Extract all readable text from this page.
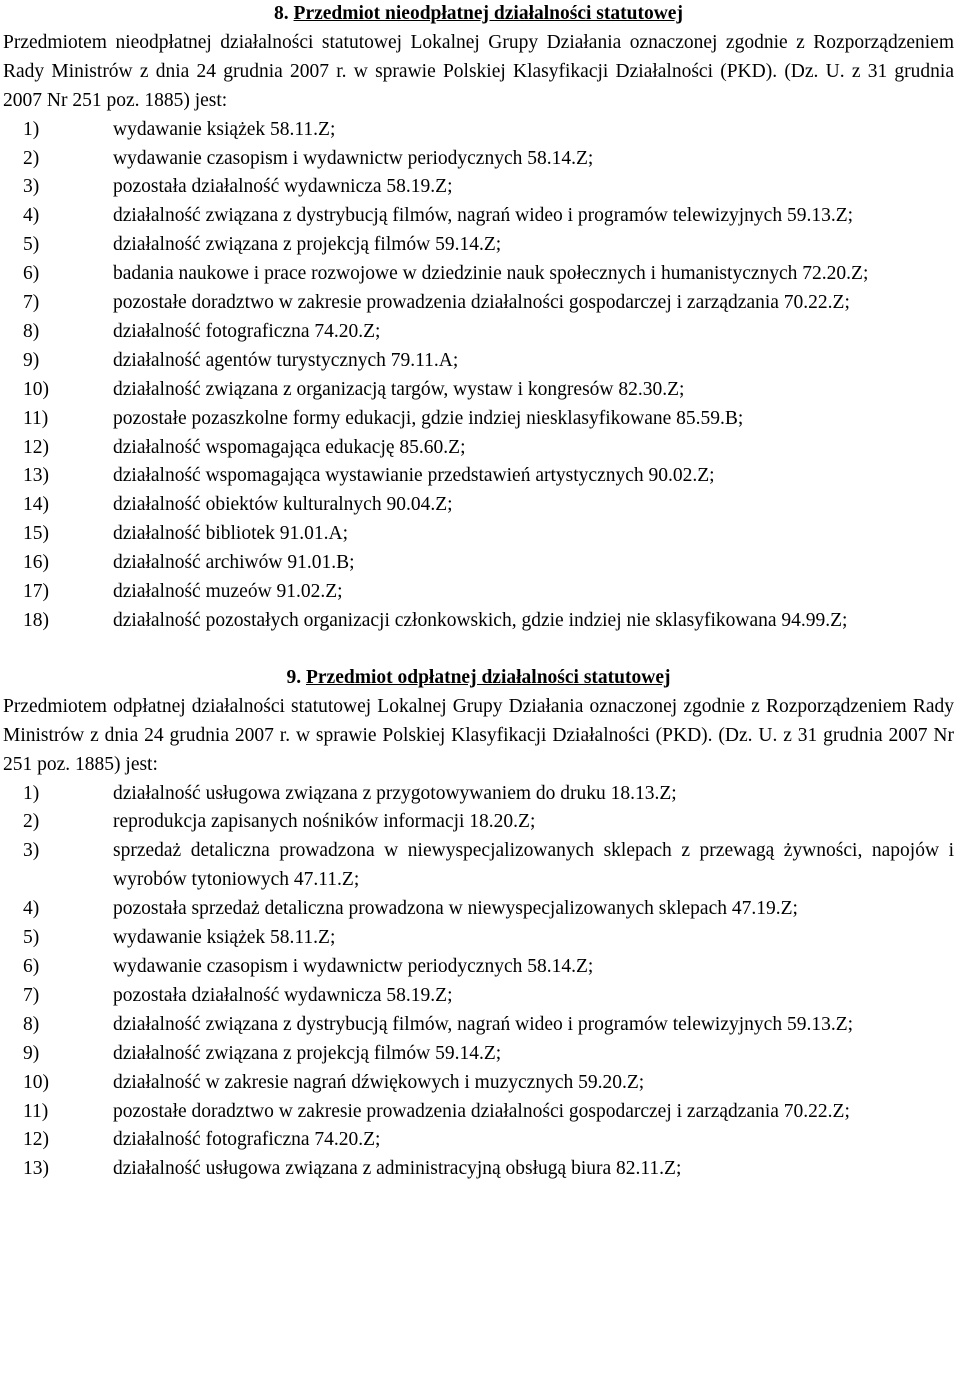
8. Przedmiot nieodpłatnej działalności statutowej
Przedmiotem nieodpłatnej działalności statutowej Lokalnej Grupy Działania oznaczonej zgodnie z Rozporządzeniem Rady Ministrów z dnia 24 grudnia 2007 r. w sprawie Polskiej Klasyfikacji Działalności (PKD). (Dz. U. z 31 grudnia 2007 Nr 251 poz. 1885) jest:
1)	wydawanie książek 58.11.Z;
2)	wydawanie czasopism i wydawnictw periodycznych 58.14.Z;
3)	pozostała działalność wydawnicza 58.19.Z;
4)	działalność związana z dystrybucją filmów, nagrań wideo i programów telewizyjnych 59.13.Z;
5)	działalność związana z projekcją filmów 59.14.Z;
6)	badania naukowe i prace rozwojowe w dziedzinie nauk społecznych i humanistycznych 72.20.Z;
7)	pozostałe doradztwo w zakresie prowadzenia działalności gospodarczej i zarządzania 70.22.Z;
8)	działalność fotograficzna 74.20.Z;
9)	działalność agentów turystycznych 79.11.A;
10)	działalność związana z organizacją targów, wystaw i kongresów 82.30.Z;
11)	pozostałe pozaszkolne formy edukacji, gdzie indziej niesklasyfikowane 85.59.B;
12)	działalność wspomagająca edukację 85.60.Z;
13)	działalność wspomagająca wystawianie przedstawień artystycznych 90.02.Z;
14)	działalność obiektów kulturalnych 90.04.Z;
15)	działalność bibliotek 91.01.A;
16)	działalność archiwów 91.01.B;
17)	działalność muzeów 91.02.Z;
18)	działalność pozostałych organizacji członkowskich, gdzie indziej nie sklasyfikowana 94.99.Z;
9. Przedmiot odpłatnej działalności statutowej
Przedmiotem odpłatnej działalności statutowej Lokalnej Grupy Działania oznaczonej zgodnie z Rozporządzeniem Rady Ministrów z dnia 24 grudnia 2007 r. w sprawie Polskiej Klasyfikacji Działalności (PKD). (Dz. U. z 31 grudnia 2007 Nr 251 poz. 1885) jest:
1)	działalność usługowa związana z przygotowywaniem do druku 18.13.Z;
2)	reprodukcja zapisanych nośników informacji 18.20.Z;
3)	sprzedaż detaliczna prowadzona w niewyspecjalizowanych sklepach z przewagą żywności, napojów i wyrobów tytoniowych 47.11.Z;
4)	pozostała sprzedaż detaliczna prowadzona w niewyspecjalizowanych sklepach 47.19.Z;
5)	wydawanie książek 58.11.Z;
6)	wydawanie czasopism i wydawnictw periodycznych 58.14.Z;
7)	pozostała działalność wydawnicza 58.19.Z;
8)	działalność związana z dystrybucją filmów, nagrań wideo i programów telewizyjnych 59.13.Z;
9)	działalność związana z projekcją filmów 59.14.Z;
10)	działalność w zakresie nagrań dźwiękowych i muzycznych 59.20.Z;
11)	pozostałe doradztwo w zakresie prowadzenia działalności gospodarczej i zarządzania 70.22.Z;
12)	działalność fotograficzna 74.20.Z;
13)	działalność usługowa związana z administracyjną obsługą biura 82.11.Z;
